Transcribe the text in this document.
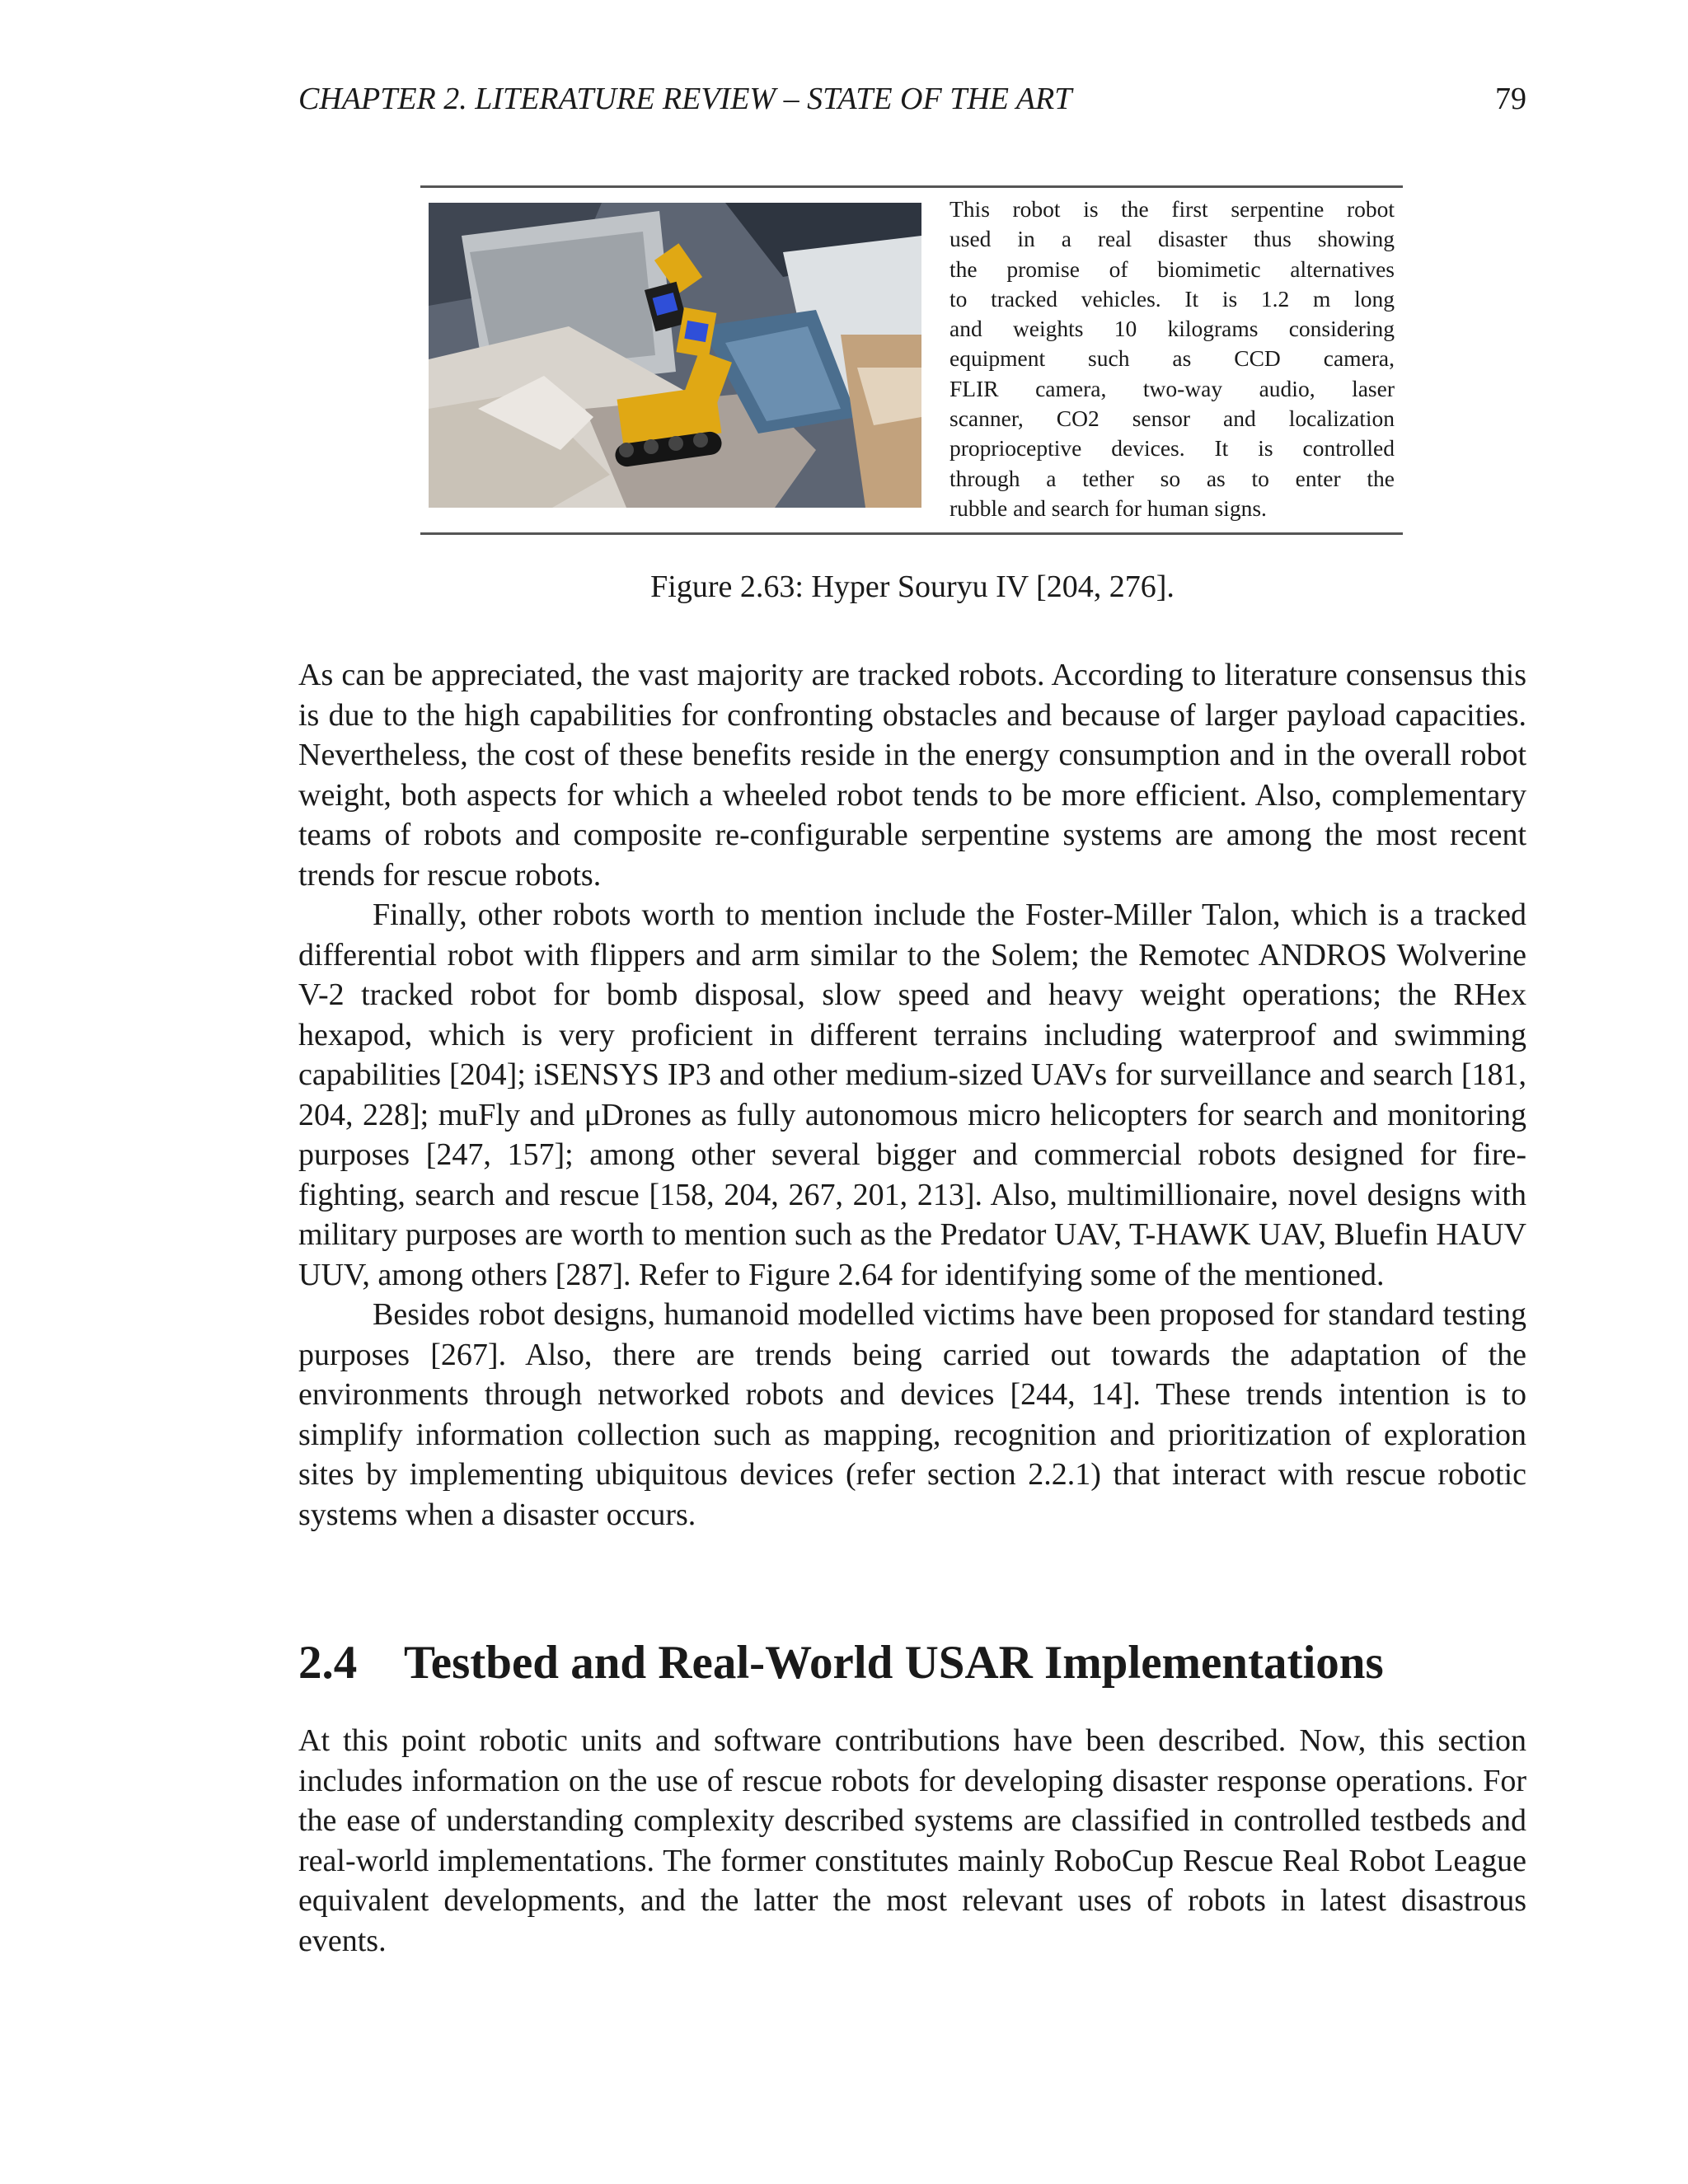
CHAPTER 2. LITERATURE REVIEW – STATE OF THE ART	79
This robot is the first serpentine robot
used in a real disaster thus showing
the promise of biomimetic alternatives
to tracked vehicles. It is 1.2 m long
and weights 10 kilograms considering
equipment such as CCD camera,
FLIR camera, two-way audio, laser
scanner, CO2 sensor and localization
proprioceptive devices. It is controlled
through a tether so as to enter the
rubble and search for human signs.
Figure 2.63: Hyper Souryu IV [204, 276].

As can be appreciated, the vast majority are tracked robots. According to literature consensus this is due to the high capabilities for confronting obstacles and because of larger payload capacities. Nevertheless, the cost of these benefits reside in the energy consumption and in the overall robot weight, both aspects for which a wheeled robot tends to be more efficient. Also, complementary teams of robots and composite re-configurable serpentine systems are among the most recent trends for rescue robots.

Finally, other robots worth to mention include the Foster-Miller Talon, which is a tracked differential robot with flippers and arm similar to the Solem; the Remotec ANDROS Wolverine V-2 tracked robot for bomb disposal, slow speed and heavy weight operations; the RHex hexapod, which is very proficient in different terrains including waterproof and swimming capabilities [204]; iSENSYS IP3 and other medium-sized UAVs for surveillance and search [181, 204, 228]; muFly and μDrones as fully autonomous micro helicopters for search and monitoring purposes [247, 157]; among other several bigger and commercial robots designed for fire-fighting, search and rescue [158, 204, 267, 201, 213]. Also, multimillionaire, novel designs with military purposes are worth to mention such as the Predator UAV, T-HAWK UAV, Bluefin HAUV UUV, among others [287]. Refer to Figure 2.64 for identifying some of the mentioned.

Besides robot designs, humanoid modelled victims have been proposed for standard testing purposes [267]. Also, there are trends being carried out towards the adaptation of the environments through networked robots and devices [244, 14]. These trends intention is to simplify information collection such as mapping, recognition and prioritization of exploration sites by implementing ubiquitous devices (refer section 2.2.1) that interact with rescue robotic systems when a disaster occurs.

2.4 Testbed and Real-World USAR Implementations

At this point robotic units and software contributions have been described. Now, this section includes information on the use of rescue robots for developing disaster response operations. For the ease of understanding complexity described systems are classified in controlled testbeds and real-world implementations. The former constitutes mainly RoboCup Rescue Real Robot League equivalent developments, and the latter the most relevant uses of robots in latest disastrous events.
